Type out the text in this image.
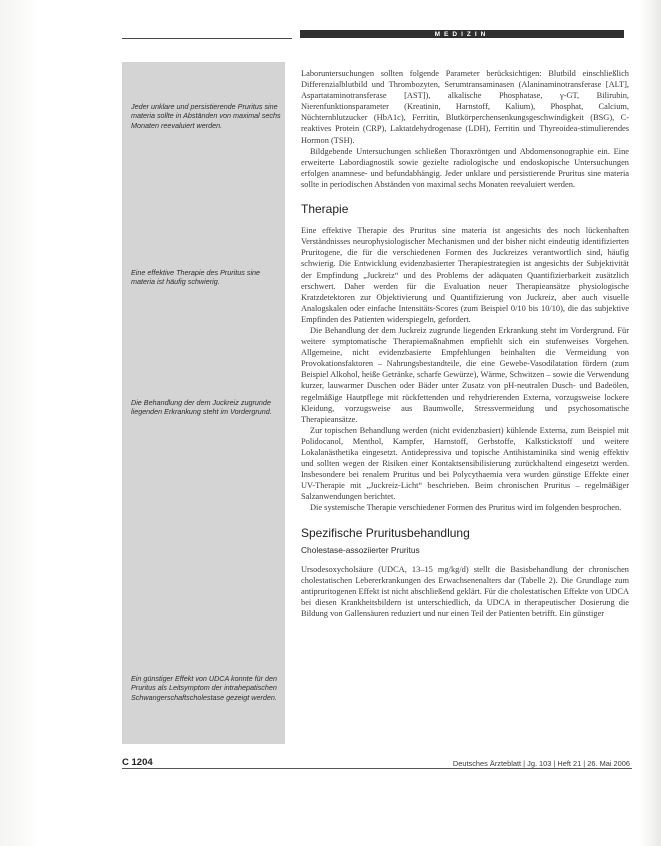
MEDIZIN
Jeder unklare und persistierende Pruritus sine materia sollte in Abständen von maximal sechs Monaten reevaluiert werden.
Eine effektive Therapie des Pruritus sine materia ist häufig schwierig.
Die Behandlung der dem Juckreiz zugrunde liegenden Erkrankung steht im Vordergrund.
Ein günstiger Effekt von UDCA konnte für den Pruritus als Leitsymptom der intrahepatischen Schwangerschaftscholestase gezeigt werden.

Laboruntersuchungen sollten folgende Parameter berücksichtigen: Blutbild einschließlich Differenzialblutbild und Thrombozyten, Serumtransaminasen (Alaninaminotransferase [ALT], Aspartataminotransferase [AST]), alkalische Phosphatase, γ-GT, Bilirubin, Nierenfunktionsparameter (Kreatinin, Harnstoff, Kalium), Phosphat, Calcium, Nüchternblutzucker (HbA1c), Ferritin, Blutkörperchensenkungsgeschwindigkeit (BSG), C-reaktives Protein (CRP), Laktatdehydrogenase (LDH), Ferritin und Thyreoidea-stimulierendes Hormon (TSH).

Bildgebende Untersuchungen schließen Thoraxröntgen und Abdomensonographie ein. Eine erweiterte Labordiagnostik sowie gezielte radiologische und endoskopische Untersuchungen erfolgen anamnese- und befundabhängig. Jeder unklare und persistierende Pruritus sine materia sollte in periodischen Abständen von maximal sechs Monaten reevaluiert werden.

Therapie

Eine effektive Therapie des Pruritus sine materia ist angesichts des noch lückenhaften Verständnisses neurophysiologischer Mechanismen und der bisher nicht eindeutig identifizierten Pruritogene, die für die verschiedenen Formen des Juckreizes verantwortlich sind, häufig schwierig. Die Entwicklung evidenzbasierter Therapiestrategien ist angesichts der Subjektivität der Empfindung „Juckreiz“ und des Problems der adäquaten Quantifizierbarkeit zusätzlich erschwert. Daher werden für die Evaluation neuer Therapieansätze physiologische Kratzdetektoren zur Objektivierung und Quantifizierung von Juckreiz, aber auch visuelle Analogskalen oder einfache Intensitäts-Scores (zum Beispiel 0/10 bis 10/10), die das subjektive Empfinden des Patienten widerspiegeln, gefordert.

Die Behandlung der dem Juckreiz zugrunde liegenden Erkrankung steht im Vordergrund. Für weitere symptomatische Therapiemaßnahmen empfiehlt sich ein stufenweises Vorgehen. Allgemeine, nicht evidenzbasierte Empfehlungen beinhalten die Vermeidung von Provokationsfaktoren – Nahrungsbestandteile, die eine Gewebe-Vasodilatation fördern (zum Beispiel Alkohol, heiße Getränke, scharfe Gewürze), Wärme, Schwitzen – sowie die Verwendung kurzer, lauwarmer Duschen oder Bäder unter Zusatz von pH-neutralen Dusch- und Badeölen, regelmäßige Hautpflege mit rückfettenden und rehydrierenden Externa, vorzugsweise lockere Kleidung, vorzugsweise aus Baumwolle, Stressvermeidung und psychosomatische Therapieansätze.

Zur topischen Behandlung werden (nicht evidenzbasiert) kühlende Externa, zum Beispiel mit Polidocanol, Menthol, Kampfer, Harnstoff, Gerbstoffe, Kalkstickstoff und weitere Lokalanästhetika eingesetzt. Antidepressiva und topische Antihistaminika sind wenig effektiv und sollten wegen der Risiken einer Kontaktsensibilisierung zurückhaltend eingesetzt werden. Insbesondere bei renalem Pruritus und bei Polycythaemia vera wurden günstige Effekte einer UV-Therapie mit „Juckreiz-Licht“ beschrieben. Beim chronischen Pruritus – regelmäßiger Salzanwendungen berichtet.

Die systemische Therapie verschiedener Formen des Pruritus wird im folgenden besprochen.

Spezifische Pruritusbehandlung
Cholestase-assoziierter Pruritus

Ursodesoxycholsäure (UDCA, 13–15 mg/kg/d) stellt die Basisbehandlung der chronischen cholestatischen Lebererkrankungen des Erwachsenenalters dar (Tabelle 2). Die Grundlage zum antipruritogenen Effekt ist nicht abschließend geklärt. Für die cholestatischen Effekte von UDCA bei diesen Krankheitsbildern ist unterschiedlich, da UDCA in therapeutischer Dosierung die Bildung von Gallensäuren reduziert und nur einen Teil der Patienten betrifft. Ein günstiger

C 1204	Deutsches Ärzteblatt | Jg. 103 | Heft 21 | 26. Mai 2006
